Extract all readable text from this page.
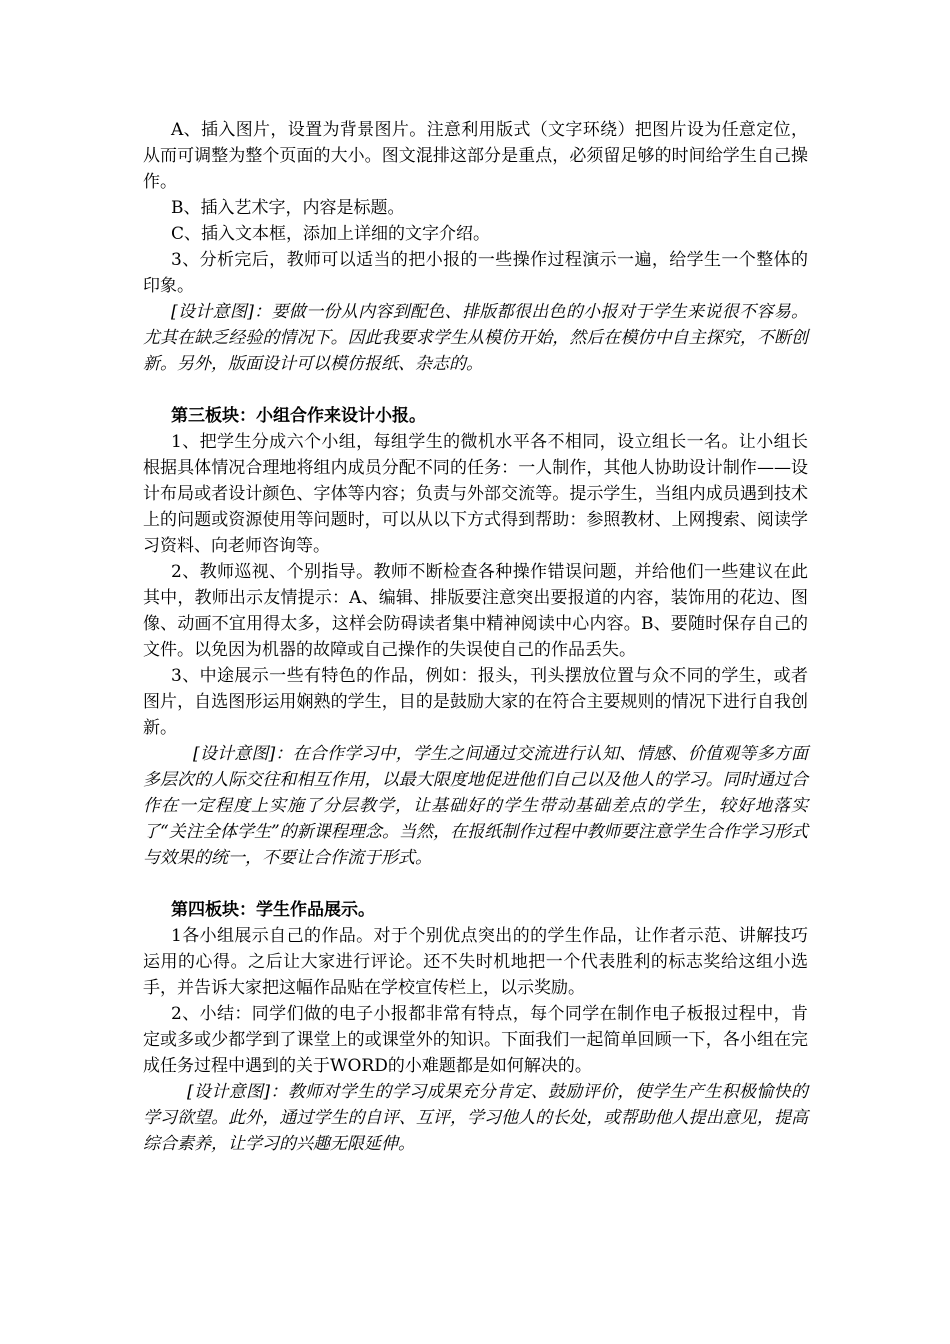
A、插入图片，设置为背景图片。注意利用版式（文字环绕）把图片设为任意定位，从而可调整为整个页面的大小。图文混排这部分是重点，必须留足够的时间给学生自己操作。

B、插入艺术字，内容是标题。

C、插入文本框，添加上详细的文字介绍。

3、分析完后，教师可以适当的把小报的一些操作过程演示一遍，给学生一个整体的印象。

[设计意图]：要做一份从内容到配色、排版都很出色的小报对于学生来说很不容易。尤其在缺乏经验的情况下。因此我要求学生从模仿开始，然后在模仿中自主探究，不断创新。另外，版面设计可以模仿报纸、杂志的。

第三板块：小组合作来设计小报。

1、把学生分成六个小组，每组学生的微机水平各不相同，设立组长一名。让小组长根据具体情况合理地将组内成员分配不同的任务：一人制作，其他人协助设计制作——设计布局或者设计颜色、字体等内容；负责与外部交流等。提示学生，当组内成员遇到技术上的问题或资源使用等问题时，可以从以下方式得到帮助：参照教材、上网搜索、阅读学习资料、向老师咨询等。

2、教师巡视、个别指导。教师不断检查各种操作错误问题，并给他们一些建议在此其中，教师出示友情提示：A、编辑、排版要注意突出要报道的内容，装饰用的花边、图像、动画不宜用得太多，这样会防碍读者集中精神阅读中心内容。B、要随时保存自己的文件。以免因为机器的故障或自己操作的失误使自己的作品丢失。

3、中途展示一些有特色的作品，例如：报头，刊头摆放位置与众不同的学生，或者图片，自选图形运用娴熟的学生，目的是鼓励大家的在符合主要规则的情况下进行自我创新。

[设计意图]：在合作学习中，学生之间通过交流进行认知、情感、价值观等多方面多层次的人际交往和相互作用，以最大限度地促进他们自己以及他人的学习。同时通过合作在一定程度上实施了分层教学，让基础好的学生带动基础差点的学生，较好地落实了“关注全体学生”的新课程理念。当然，在报纸制作过程中教师要注意学生合作学习形式与效果的统一，不要让合作流于形式。

第四板块：学生作品展示。

1各小组展示自己的作品。对于个别优点突出的的学生作品，让作者示范、讲解技巧运用的心得。之后让大家进行评论。还不失时机地把一个代表胜利的标志奖给这组小选手，并告诉大家把这幅作品贴在学校宣传栏上，以示奖励。

2、小结：同学们做的电子小报都非常有特点，每个同学在制作电子板报过程中，肯定或多或少都学到了课堂上的或课堂外的知识。下面我们一起简单回顾一下，各小组在完成任务过程中遇到的关于WORD的小难题都是如何解决的。

[设计意图]：教师对学生的学习成果充分肯定、鼓励评价，使学生产生积极愉快的学习欲望。此外，通过学生的自评、互评，学习他人的长处，或帮助他人提出意见，提高综合素养，让学习的兴趣无限延伸。
